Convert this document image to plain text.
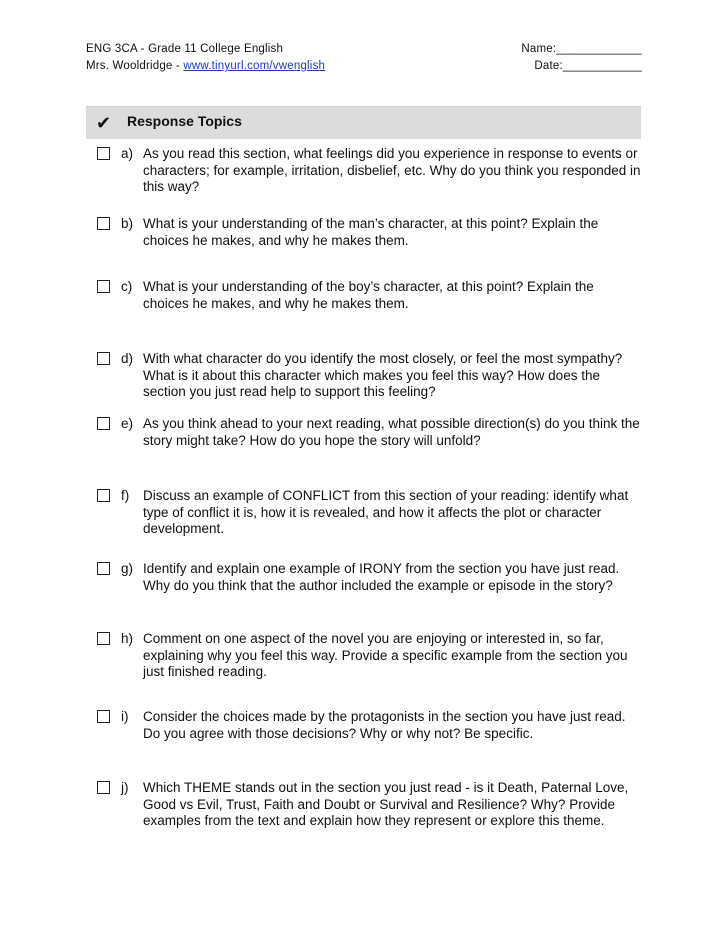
ENG 3CA - Grade 11 College English	Name:_____________
Mrs. Wooldridge - www.tinyurl.com/vwenglish	Date:____________
✔ Response Topics
a) As you read this section, what feelings did you experience in response to events or characters; for example, irritation, disbelief, etc. Why do you think you responded in this way?
b) What is your understanding of the man’s character, at this point? Explain the choices he makes, and why he makes them.
c) What is your understanding of the boy’s character, at this point? Explain the choices he makes, and why he makes them.
d) With what character do you identify the most closely, or feel the most sympathy? What is it about this character which makes you feel this way? How does the section you just read help to support this feeling?
e) As you think ahead to your next reading, what possible direction(s) do you think the story might take? How do you hope the story will unfold?
f) Discuss an example of CONFLICT from this section of your reading: identify what type of conflict it is, how it is revealed, and how it affects the plot or character development.
g) Identify and explain one example of IRONY from the section you have just read. Why do you think that the author included the example or episode in the story?
h) Comment on one aspect of the novel you are enjoying or interested in, so far, explaining why you feel this way. Provide a specific example from the section you just finished reading.
i) Consider the choices made by the protagonists in the section you have just read. Do you agree with those decisions? Why or why not? Be specific.
j) Which THEME stands out in the section you just read - is it Death, Paternal Love, Good vs Evil, Trust, Faith and Doubt or Survival and Resilience? Why? Provide examples from the text and explain how they represent or explore this theme.
